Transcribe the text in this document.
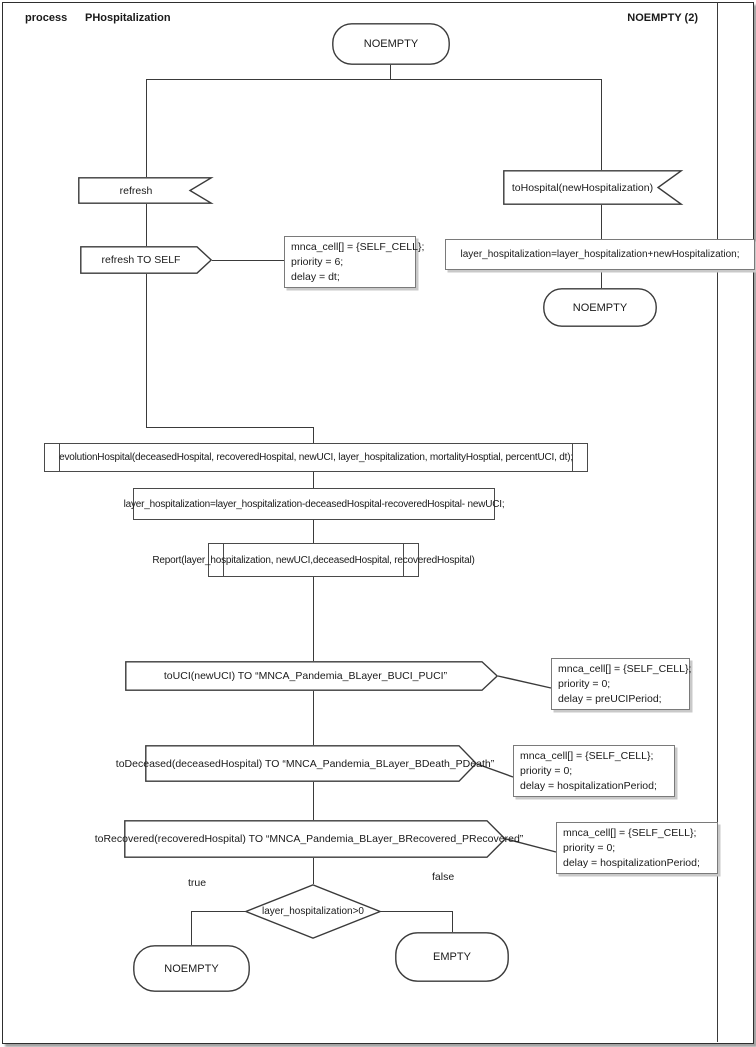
process PHospitalization	NOEMPTY (2)
NOEMPTY
refresh
refresh TO SELF
mnca_cell[] = {SELF_CELL};
priority = 6;
delay = dt;
toHospital(newHospitalization)
layer_hospitalization=layer_hospitalization+newHospitalization;
NOEMPTY
evolutionHospital(deceasedHospital, recoveredHospital, newUCI, layer_hospitalization, mortalityHosptial, percentUCI, dt);
layer_hospitalization=layer_hospitalization-deceasedHospital-recoveredHospital- newUCI;
Report(layer_hospitalization, newUCI,deceasedHospital, recoveredHospital)
toUCI(newUCI) TO “MNCA_Pandemia_BLayer_BUCI_PUCI”
mnca_cell[] = {SELF_CELL};
priority = 0;
delay = preUCIPeriod;
toDeceased(deceasedHospital) TO “MNCA_Pandemia_BLayer_BDeath_PDeath”
mnca_cell[] = {SELF_CELL};
priority = 0;
delay = hospitalizationPeriod;
toRecovered(recoveredHospital) TO “MNCA_Pandemia_BLayer_BRecovered_PRecovered”	mnca_cell[] = {SELF_CELL};
priority = 0;
delay = hospitalizationPeriod;
true	false
layer_hospitalization>0
NOEMPTY
EMPTY
